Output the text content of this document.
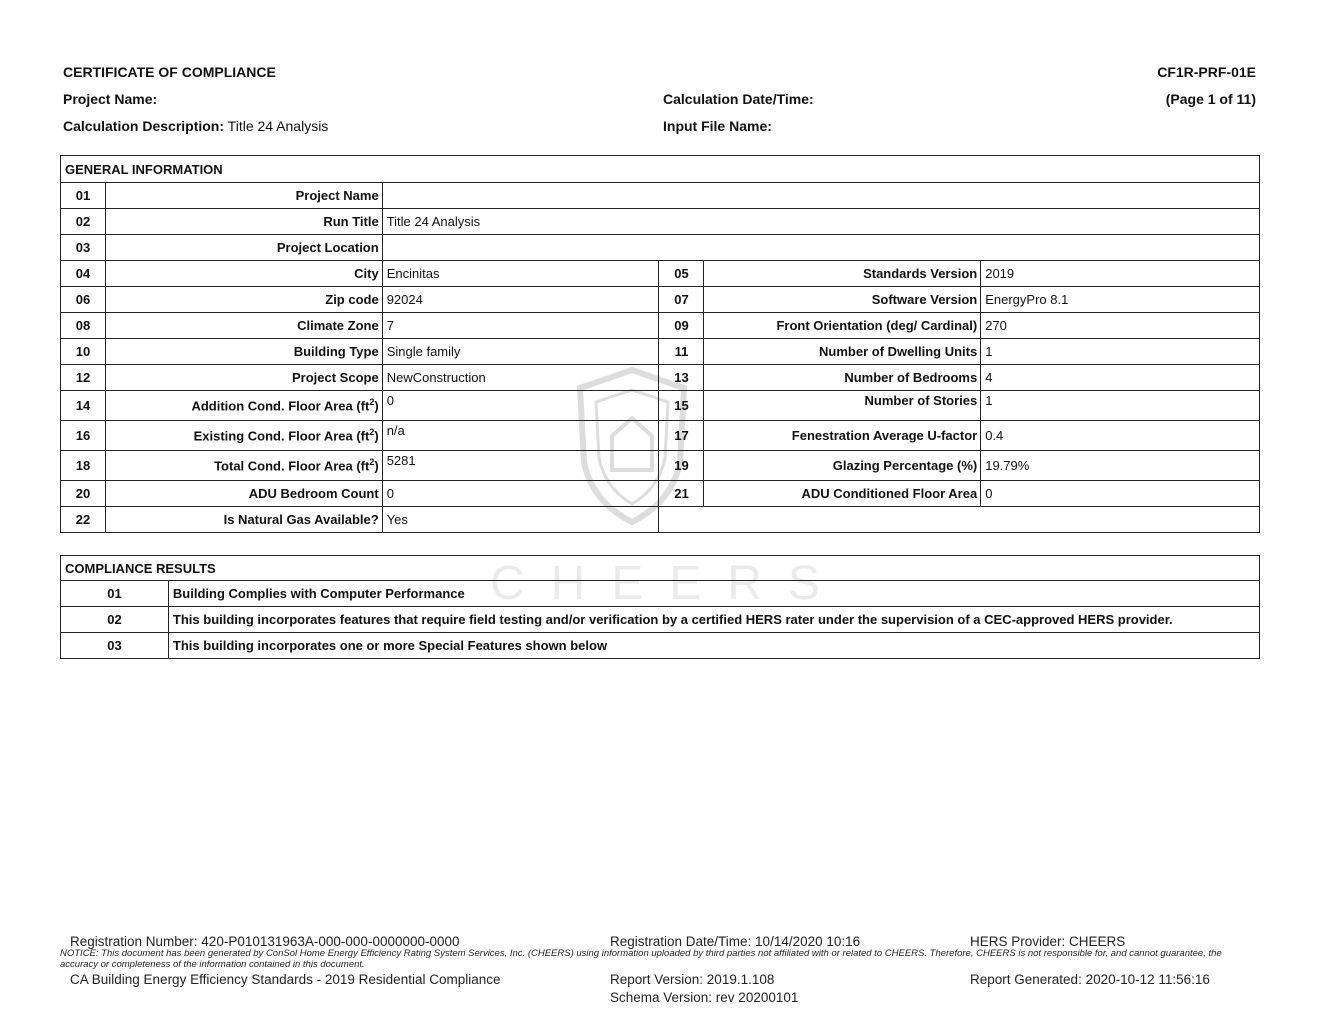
CERTIFICATE OF COMPLIANCE	CF1R-PRF-01E
Project Name:	Calculation Date/Time:	(Page 1 of 11)
Calculation Description: Title 24 Analysis	Input File Name:
CHEERS
GENERAL INFORMATION					
01	Project Name				
02	Run Title	Title 24 Analysis			
03	Project Location				
04	City	Encinitas	05	Standards Version	2019
06	Zip code	92024	07	Software Version	EnergyPro 8.1
08	Climate Zone	7	09	Front Orientation (deg/ Cardinal)	270
10	Building Type	Single family	11	Number of Dwelling Units	1
12	Project Scope	NewConstruction	13	Number of Bedrooms	4
14	Addition Cond. Floor Area $(ft^2)$	0	15	Number of Stories	1
16	Existing Cond. Floor Area $(ft^2)$	n/a	17	Fenestration Average U-factor	0.4
18	Total Cond. Floor Area $(ft^2)$	5281	19	Glazing Percentage (%)	19.79%
20	ADU Bedroom Count	0	21	ADU Conditioned Floor Area	0
22	Is Natural Gas Available?	Yes			
COMPLIANCE RESULTS	
01	Building Complies with Computer Performance
02	This building incorporates features that require field testing and/or verification by a certified HERS rater under the supervision of a CEC-approved HERS provider.
03	This building incorporates one or more Special Features shown below
Registration Number: 420-P010131963A-000-000-0000000-0000	Registration Date/Time: 10/14/2020 10:16	HERS Provider: CHEERS
NOTICE: This document has been generated by ConSol Home Energy Efficiency Rating System Services, Inc. (CHEERS) using information uploaded by third parties not affiliated with or related to CHEERS. Therefore, CHEERS is not responsible for, and cannot guarantee, the accuracy or completeness of the information contained in this document.
CA Building Energy Efficiency Standards - 2019 Residential Compliance	Report Version: 2019.1.108	Report Generated: 2020-10-12 11:56:16
Schema Version: rev 20200101
